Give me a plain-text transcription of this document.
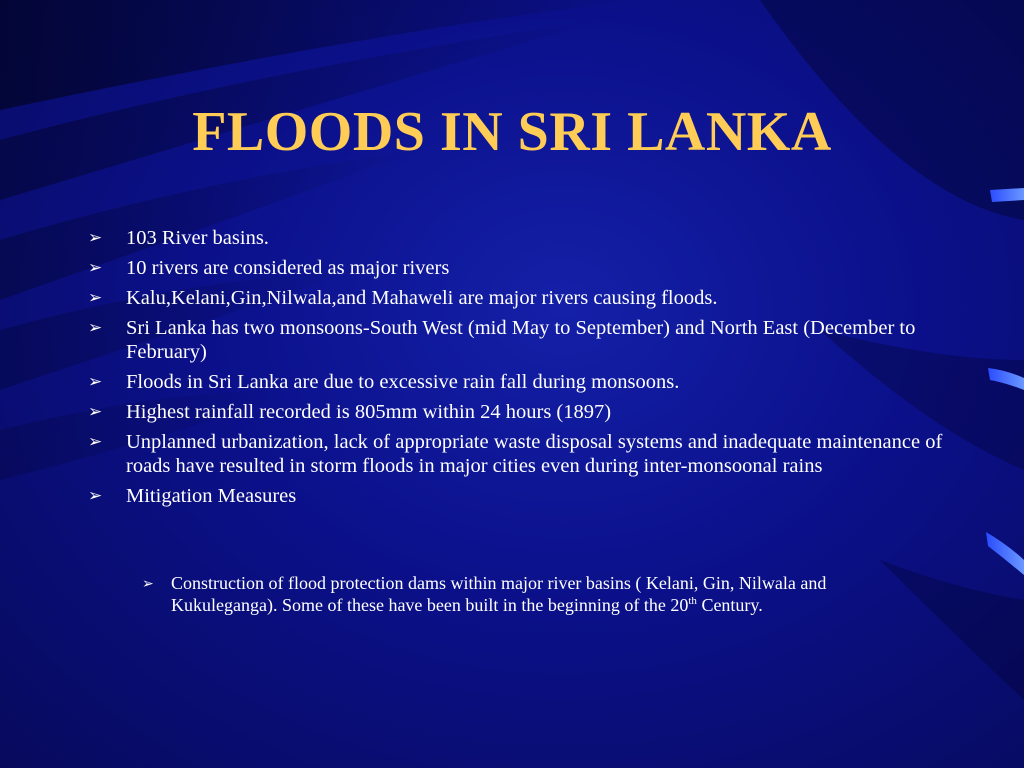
FLOODS IN SRI LANKA
➢ 103 River basins.
➢ 10 rivers are considered as major rivers
➢ Kalu,Kelani,Gin,Nilwala,and Mahaweli are major rivers causing floods.
➢ Sri Lanka has two monsoons-South West (mid May to September) and North East (December to February)
➢ Floods in Sri Lanka are due to excessive rain fall during monsoons.
➢ Highest rainfall recorded is 805mm within 24 hours (1897)
➢ Unplanned urbanization, lack of appropriate waste disposal systems and inadequate maintenance of roads have resulted in storm floods in major cities even during inter-monsoonal rains
➢ Mitigation Measures
➢ Construction of flood protection dams within major river basins ( Kelani, Gin, Nilwala and Kukuleganga). Some of these have been built in the beginning of the 20th Century.
